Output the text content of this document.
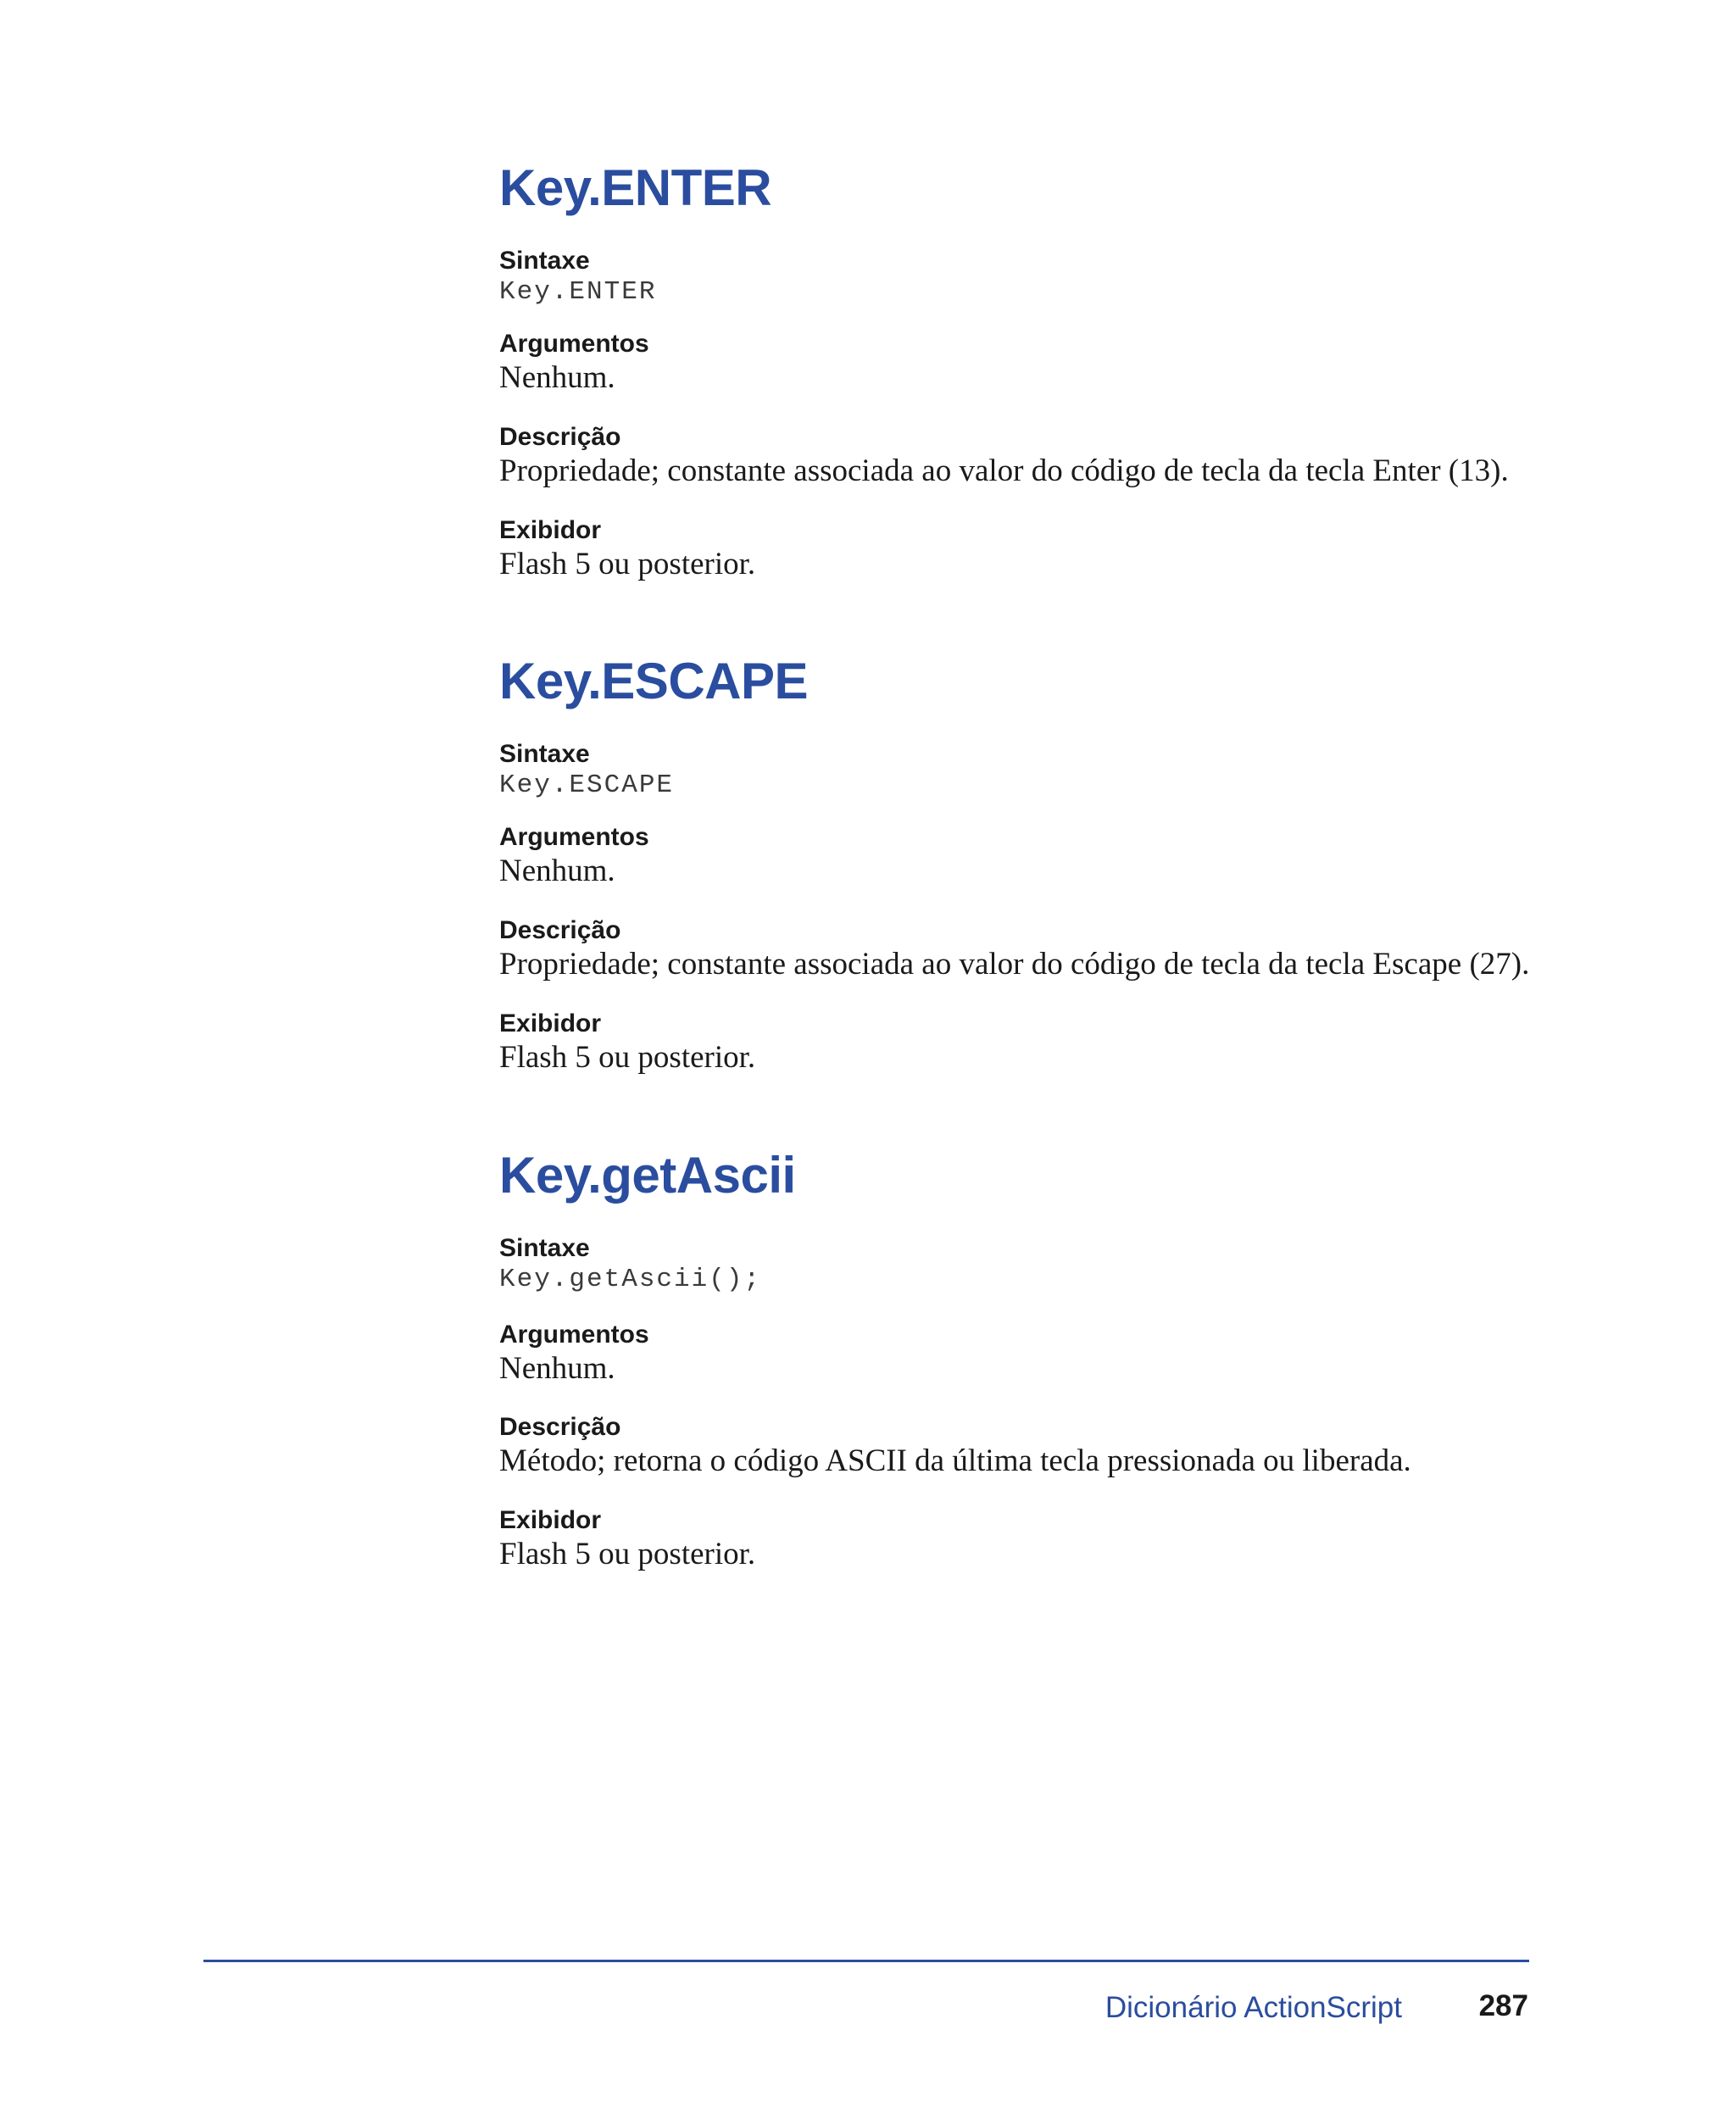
Key.ENTER
Sintaxe
Key.ENTER
Argumentos
Nenhum.
Descrição
Propriedade; constante associada ao valor do código de tecla da tecla Enter (13).
Exibidor
Flash 5 ou posterior.
Key.ESCAPE
Sintaxe
Key.ESCAPE
Argumentos
Nenhum.
Descrição
Propriedade; constante associada ao valor do código de tecla da tecla Escape (27).
Exibidor
Flash 5 ou posterior.
Key.getAscii
Sintaxe
Key.getAscii();
Argumentos
Nenhum.
Descrição
Método; retorna o código ASCII da última tecla pressionada ou liberada.
Exibidor
Flash 5 ou posterior.
Dicionário ActionScript	287
